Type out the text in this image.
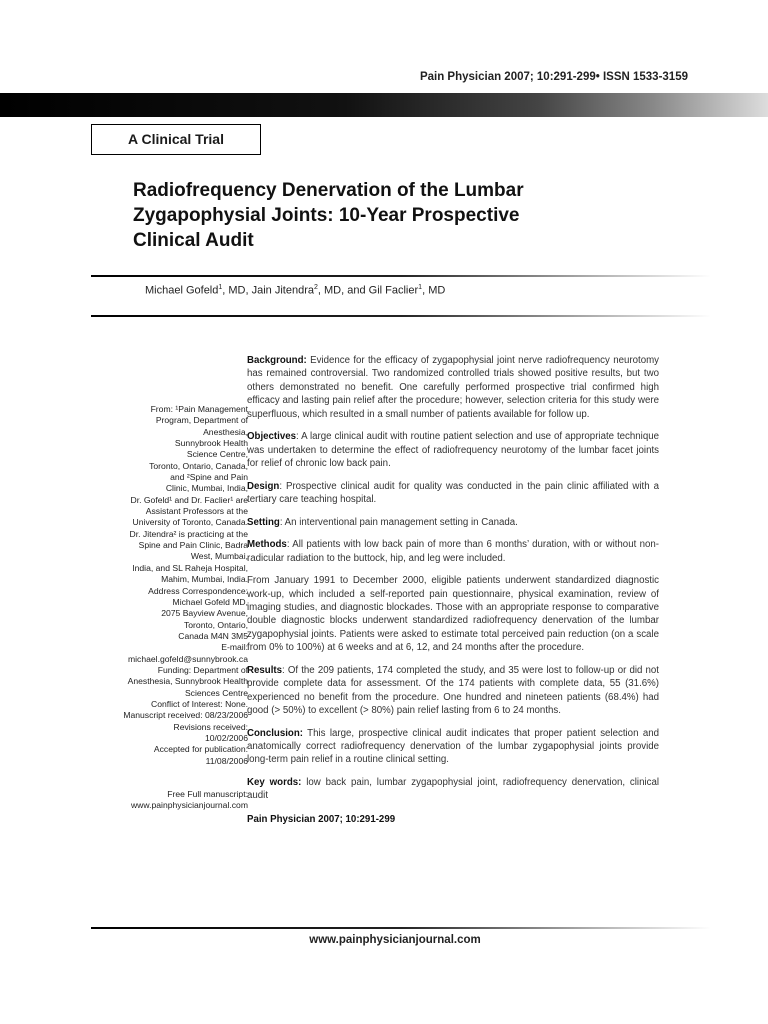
Pain Physician 2007; 10:291-299• ISSN 1533-3159
A Clinical Trial
Radiofrequency Denervation of the Lumbar
Zygapophysial Joints: 10-Year Prospective
Clinical Audit
Michael Gofeld$^1$, MD, Jain Jitendra$^2$, MD, and Gil Faclier$^1$, MD
From: ¹Pain Management
Program, Department of
Anesthesia,
Sunnybrook Health
Science Centre,
Toronto, Ontario, Canada,
and ²Spine and Pain
Clinic, Mumbai, India,
Dr. Gofeld¹ and Dr. Faclier¹ are
Assistant Professors at the
University of Toronto, Canada.
Dr. Jitendra² is practicing at the
Spine and Pain Clinic, Badra
West, Mumbai,
India, and SL Raheja Hospital,
Mahim, Mumbai, India.
Address Correspondence:
Michael Gofeld MD,
2075 Bayview Avenue,
Toronto, Ontario,
Canada M4N 3M5
E-mail:
michael.gofeld@sunnybrook.ca
Funding: Department of
Anesthesia, Sunnybrook Health
Sciences Centre
Conflict of Interest: None.
Manuscript received: 08/23/2006
Revisions received:
10/02/2006
Accepted for publication:
11/08/2006
Free Full manuscript:
www.painphysicianjournal.com

Background: Evidence for the efficacy of zygapophysial joint nerve radiofrequency neurotomy has remained controversial. Two randomized controlled trials showed positive results, but two others demonstrated no benefit. One carefully performed prospective trial confirmed high efficacy and lasting pain relief after the procedure; however, selection criteria for this study were superfluous, which resulted in a small number of patients available for follow up.

Objectives: A large clinical audit with routine patient selection and use of appropriate technique was undertaken to determine the effect of radiofrequency neurotomy of the lumbar facet joints for relief of chronic low back pain.

Design: Prospective clinical audit for quality was conducted in the pain clinic affiliated with a tertiary care teaching hospital.

Setting: An interventional pain management setting in Canada.

Methods: All patients with low back pain of more than 6 months’ duration, with or without non-radicular radiation to the buttock, hip, and leg were included.

From January 1991 to December 2000, eligible patients underwent standardized diagnostic work-up, which included a self-reported pain questionnaire, physical examination, review of imaging studies, and diagnostic blockades. Those with an appropriate response to comparative double diagnostic blocks underwent standardized radiofrequency denervation of the lumbar zygapophysial joints. Patients were asked to estimate total perceived pain reduction (on a scale from 0% to 100%) at 6 weeks and at 6, 12, and 24 months after the procedure.

Results: Of the 209 patients, 174 completed the study, and 35 were lost to follow-up or did not provide complete data for assessment. Of the 174 patients with complete data, 55 (31.6%) experienced no benefit from the procedure. One hundred and nineteen patients (68.4%) had good (> 50%) to excellent (> 80%) pain relief lasting from 6 to 24 months.

Conclusion: This large, prospective clinical audit indicates that proper patient selection and anatomically correct radiofrequency denervation of the lumbar zygapophysial joints provide long-term pain relief in a routine clinical setting.

Key words: low back pain, lumbar zygapophysial joint, radiofrequency denervation, clinical audit

Pain Physician 2007; 10:291-299

www.painphysicianjournal.com
